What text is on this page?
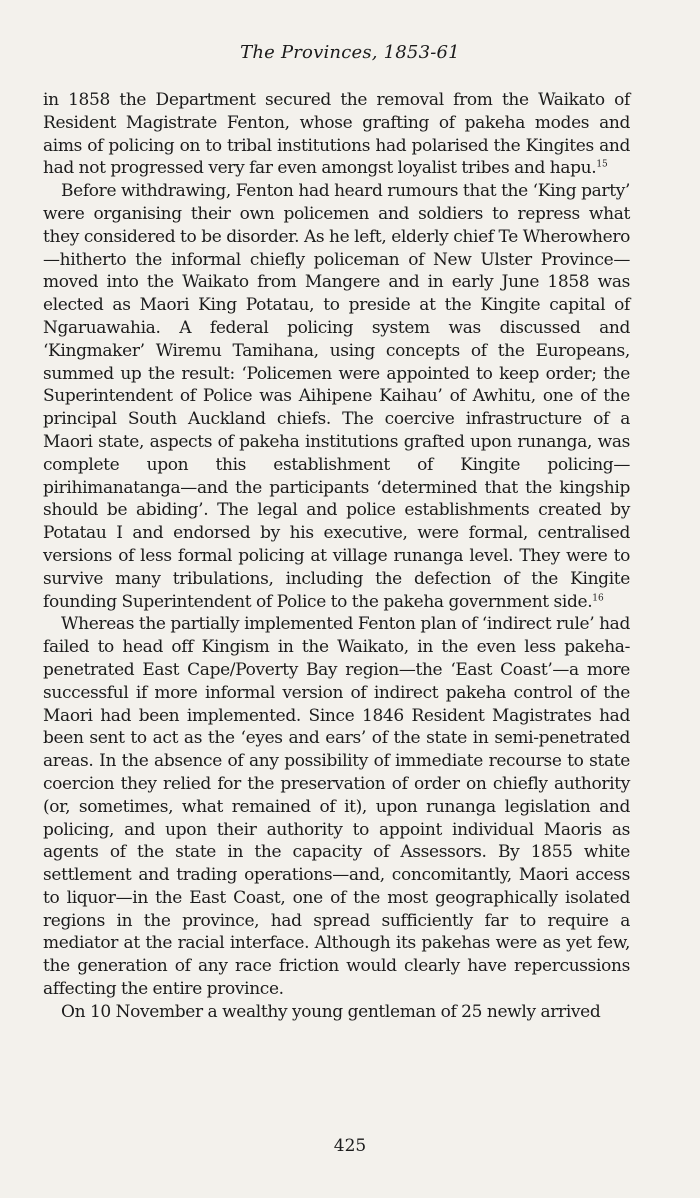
The Provinces, 1853-61

in 1858 the Department secured the removal from the Waikato of Resident Magistrate Fenton, whose grafting of pakeha modes and aims of policing on to tribal institutions had polarised the Kingites and had not progressed very far even amongst loyalist tribes and hapu.$^{15}$

Before withdrawing, Fenton had heard rumours that the ‘King party’ were organising their own policemen and soldiers to repress what they considered to be disorder. As he left, elderly chief Te Wherowhero—hitherto the informal chiefly policeman of New Ulster Province—moved into the Waikato from Mangere and in early June 1858 was elected as Maori King Potatau, to preside at the Kingite capital of Ngaruawahia. A federal policing system was discussed and ‘Kingmaker’ Wiremu Tamihana, using concepts of the Europeans, summed up the result: ‘Policemen were appointed to keep order; the Superintendent of Police was Aihipene Kaihau’ of Awhitu, one of the principal South Auckland chiefs. The coercive infrastructure of a Maori state, aspects of pakeha institutions grafted upon runanga, was complete upon this establishment of Kingite policing—pirihimanatanga—and the participants ‘determined that the kingship should be abiding’. The legal and police establishments created by Potatau I and endorsed by his executive, were formal, centralised versions of less formal policing at village runanga level. They were to survive many tribulations, including the defection of the Kingite founding Superintendent of Police to the pakeha government side.$^{16}$

Whereas the partially implemented Fenton plan of ‘indirect rule’ had failed to head off Kingism in the Waikato, in the even less pakeha-penetrated East Cape/Poverty Bay region—the ‘East Coast’—a more successful if more informal version of indirect pakeha control of the Maori had been implemented. Since 1846 Resident Magistrates had been sent to act as the ‘eyes and ears’ of the state in semi-penetrated areas. In the absence of any possibility of immediate recourse to state coercion they relied for the preservation of order on chiefly authority (or, sometimes, what remained of it), upon runanga legislation and policing, and upon their authority to appoint individual Maoris as agents of the state in the capacity of Assessors. By 1855 white settlement and trading operations—and, concomitantly, Maori access to liquor—in the East Coast, one of the most geographically isolated regions in the province, had spread sufficiently far to require a mediator at the racial interface. Although its pakehas were as yet few, the generation of any race friction would clearly have repercussions affecting the entire province.

On 10 November a wealthy young gentleman of 25 newly arrived

425
